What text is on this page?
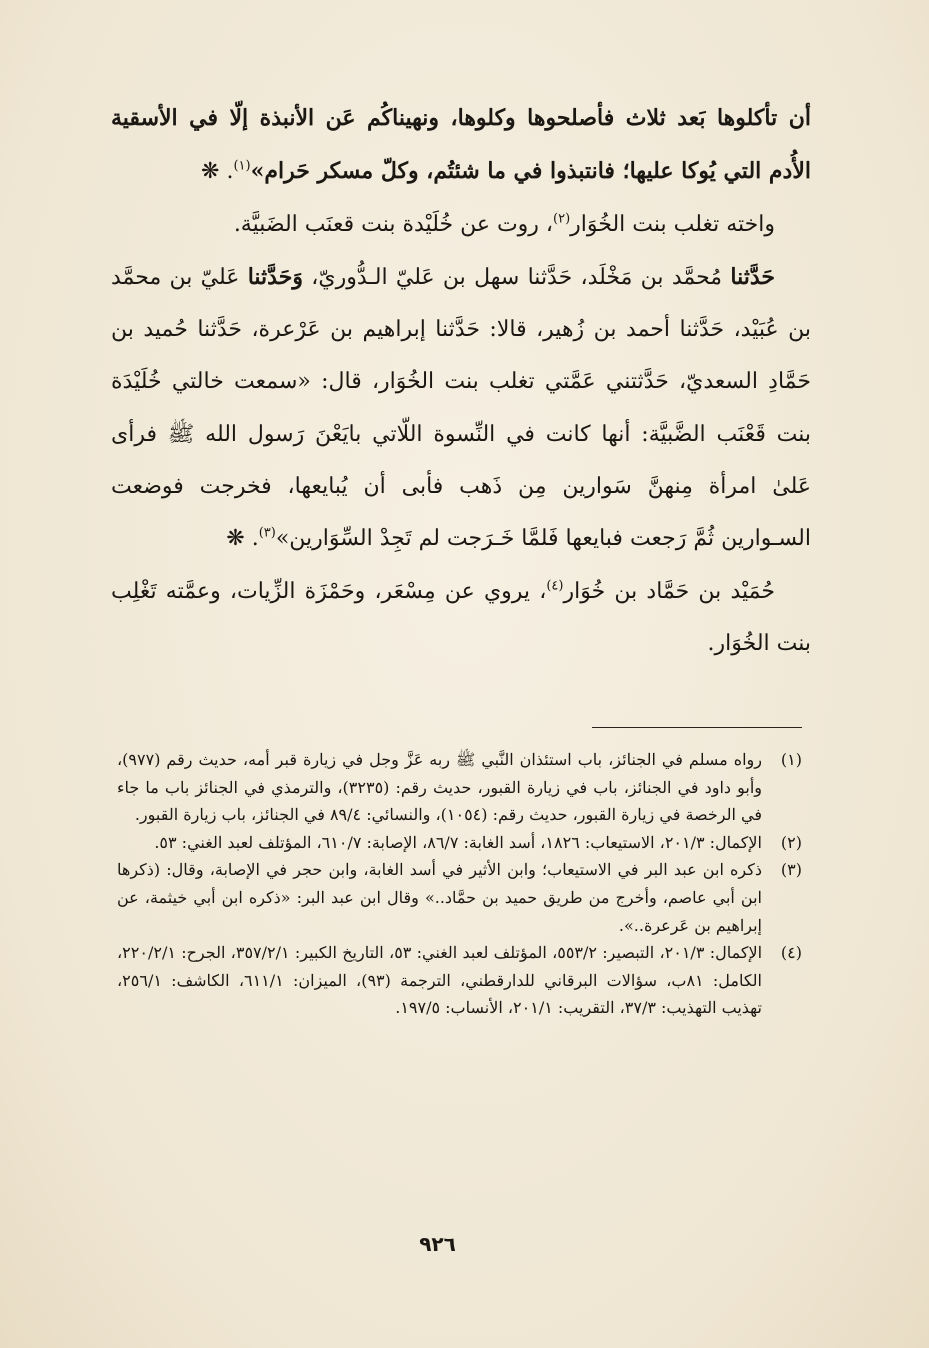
أن تأكلوها بَعد ثلاث فأصلحوها وكلوها، ونهيناكُم عَن الأنبذة إلّا في الأسقية الأُدم التي يُوكا عليها؛ فانتبذوا في ما شئتُم، وكلّ مسكر حَرام»$^{(١)}$. ❋

واخته تغلب بنت الخُوَار$^{(٢)}$، روت عن خُلَيْدة بنت قعنَب الضَبيَّة.

حَدَّثنا مُحمَّد بن مَخْلَد، حَدَّثنا سهل بن عَليّ الـدُّوريّ، وَحَدَّثنا عَليّ بن محمَّد بن عُبَيْد، حَدَّثنا أحمد بن زُهير، قالا: حَدَّثنا إبراهيم بن عَرْعرة، حَدَّثنا حُميد بن حَمَّادِ السعديّ، حَدَّثتني عَمَّتي تغلب بنت الخُوَار، قال: «سمعت خالتي خُلَيْدَة بنت قَعْنَب الضَّبيَّة: أنها كانت في النِّسوة اللّاتي بايَعْنَ رَسول الله ﷺ فرأى عَلىٰ امرأة مِنهنَّ سَوارين مِن ذَهب فأبى أن يُبايعها، فخرجت فوضعت السـوارين ثُمَّ رَجعت فبايعها فَلمَّا خَـرَجت لم تَجِدْ السِّوَارين»$^{(٣)}$. ❋

حُمَيْد بن حَمَّاد بن خُوَار$^{(٤)}$، يروي عن مِسْعَر، وحَمْزَة الزِّيات، وعمَّته تَغْلِب بنت الخُوَار.

(١)
رواه مسلم في الجنائز، باب استئذان النَّبي ﷺ ربه عَزَّ وجل في زيارة قبر أمه، حديث رقم (٩٧٧)، وأبو داود في الجنائز، باب في زيارة القبور، حديث رقم: (٣٢٣٥)، والترمذي في الجنائز باب ما جاء في الرخصة في زيارة القبور، حديث رقم: (١٠٥٤)، والنسائي: ٨٩/٤ في الجنائز، باب زيارة القبور.
(٢)
الإكمال: ٢٠١/٣، الاستيعاب: ١٨٢٦، أسد الغابة: ٨٦/٧، الإصابة: ٦١٠/٧، المؤتلف لعبد الغني: ٥٣.
(٣)
ذكره ابن عبد البر في الاستيعاب؛ وابن الأثير في أسد الغابة، وابن حجر في الإصابة، وقال: (ذكرها ابن أبي عاصم، وأخرج من طريق حميد بن حمَّاد..» وقال ابن عبد البر: «ذكره ابن أبي خيثمة، عن إبراهيم بن عَرعرة..».
(٤)
الإكمال: ٢٠١/٣، التبصير: ٥٥٣/٢، المؤتلف لعبد الغني: ٥٣، التاريخ الكبير: ٣٥٧/٢/١، الجرح: ٢٢٠/٢/١، الكامل: ٨١ب، سؤالات البرقاني للدارقطني، الترجمة (٩٣)، الميزان: ٦١١/١، الكاشف: ٢٥٦/١، تهذيب التهذيب: ٣٧/٣، التقريب: ٢٠١/١، الأنساب: ١٩٧/٥.
٩٢٦
